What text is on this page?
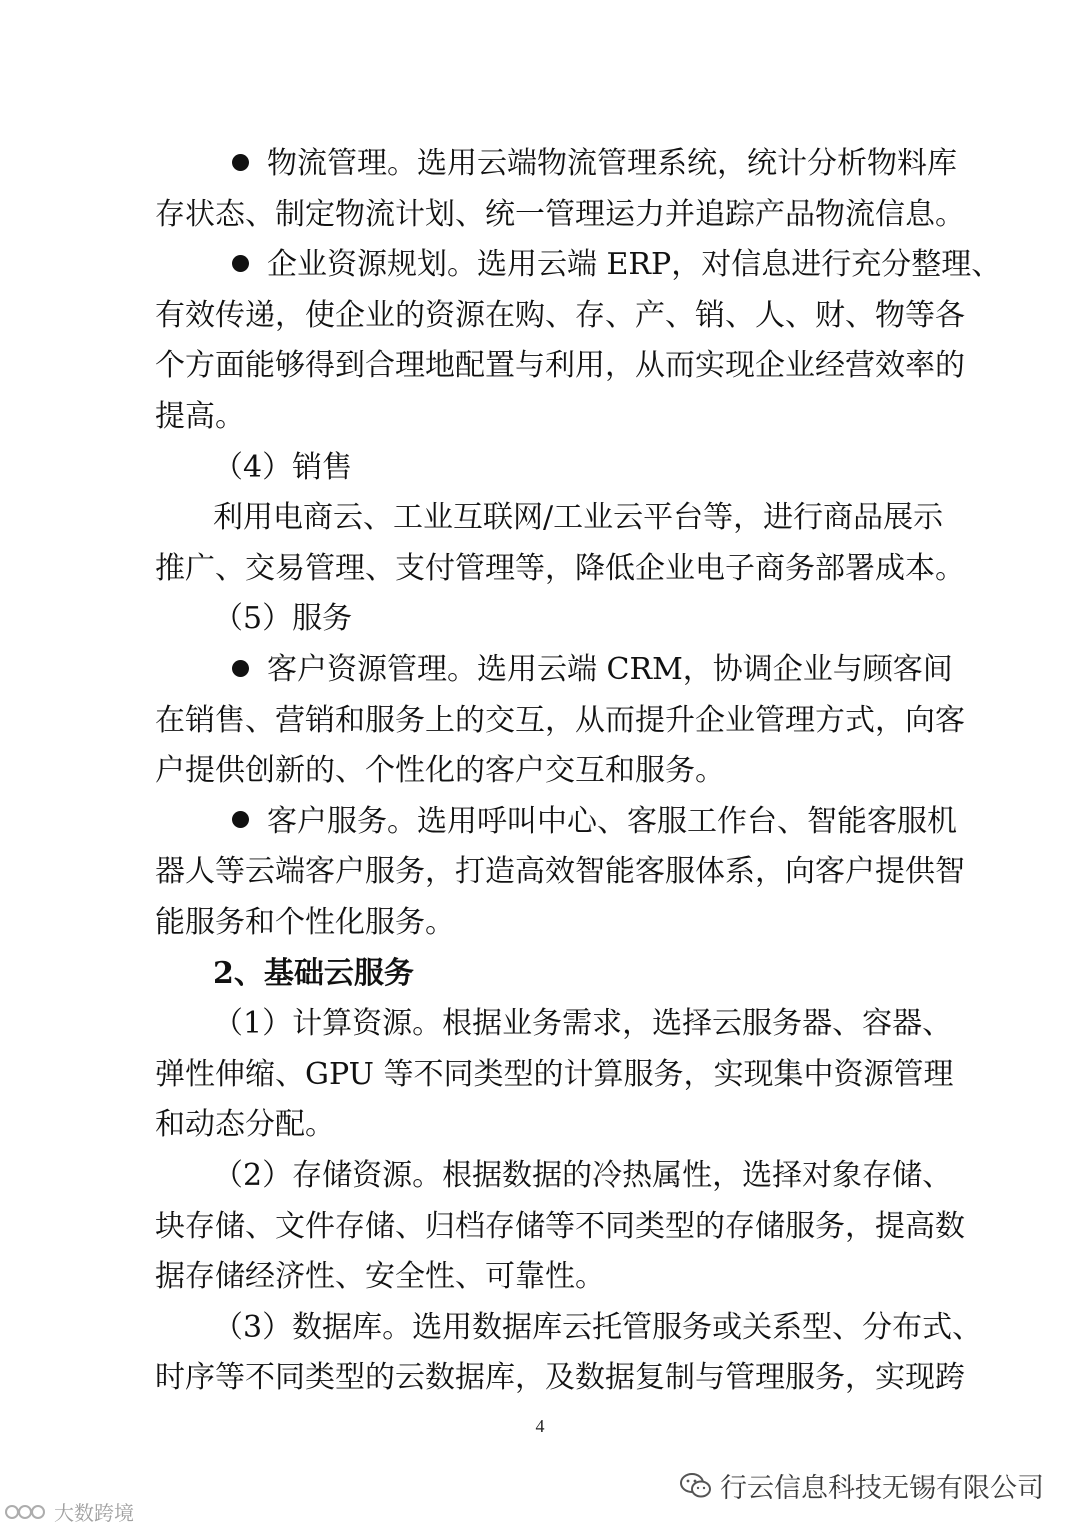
物流管理。选用云端物流管理系统，统计分析物料库
存状态、制定物流计划、统一管理运力并追踪产品物流信息。
企业资源规划。选用云端 ERP，对信息进行充分整理、
有效传递，使企业的资源在购、存、产、销、人、财、物等各
个方面能够得到合理地配置与利用，从而实现企业经营效率的
提高。
（4）销售
利用电商云、工业互联网/工业云平台等，进行商品展示
推广、交易管理、支付管理等，降低企业电子商务部署成本。
（5）服务
客户资源管理。选用云端 CRM，协调企业与顾客间
在销售、营销和服务上的交互，从而提升企业管理方式，向客
户提供创新的、个性化的客户交互和服务。
客户服务。选用呼叫中心、客服工作台、智能客服机
器人等云端客户服务，打造高效智能客服体系，向客户提供智
能服务和个性化服务。
2、基础云服务
（1）计算资源。根据业务需求，选择云服务器、容器、
弹性伸缩、GPU 等不同类型的计算服务，实现集中资源管理
和动态分配。
（2）存储资源。根据数据的冷热属性，选择对象存储、
块存储、文件存储、归档存储等不同类型的存储服务，提高数
据存储经济性、安全性、可靠性。
（3）数据库。选用数据库云托管服务或关系型、分布式、
时序等不同类型的云数据库，及数据复制与管理服务，实现跨
4
行云信息科技无锡有限公司
大数跨境
